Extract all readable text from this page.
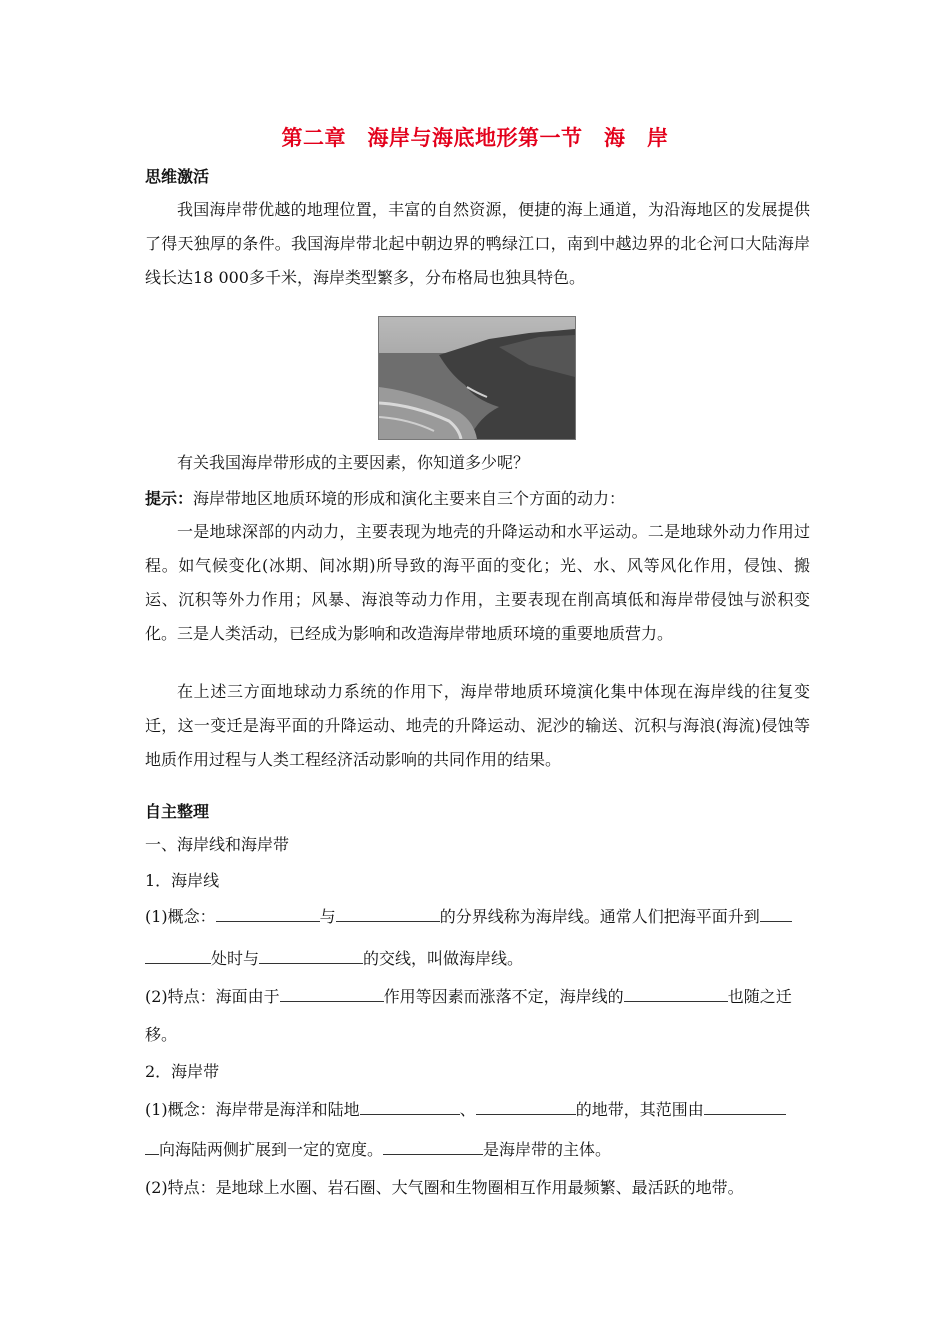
第二章　海岸与海底地形第一节　海　岸
思维激活
我国海岸带优越的地理位置，丰富的自然资源，便捷的海上通道，为沿海地区的发展提供了得天独厚的条件。我国海岸带北起中朝边界的鸭绿江口，南到中越边界的北仑河口大陆海岸线长达18 000多千米，海岸类型繁多，分布格局也独具特色。
有关我国海岸带形成的主要因素，你知道多少呢？
提示：海岸带地区地质环境的形成和演化主要来自三个方面的动力：
一是地球深部的内动力，主要表现为地壳的升降运动和水平运动。二是地球外动力作用过程。如气候变化(冰期、间冰期)所导致的海平面的变化；光、水、风等风化作用，侵蚀、搬运、沉积等外力作用；风暴、海浪等动力作用，主要表现在削高填低和海岸带侵蚀与淤积变化。三是人类活动，已经成为影响和改造海岸带地质环境的重要地质营力。
在上述三方面地球动力系统的作用下，海岸带地质环境演化集中体现在海岸线的往复变迁，这一变迁是海平面的升降运动、地壳的升降运动、泥沙的输送、沉积与海浪(海流)侵蚀等地质作用过程与人类工程经济活动影响的共同作用的结果。
自主整理
一、海岸线和海岸带
1．海岸线
(1)概念：	与	的分界线称为海岸线。通常人们把海平面升到
处时与	的交线，叫做海岸线。
(2)特点：海面由于	作用等因素而涨落不定，海岸线的	也随之迁
移。
2．海岸带
(1)概念：海岸带是海洋和陆地	、	的地带，其范围由
向海陆两侧扩展到一定的宽度。	是海岸带的主体。
(2)特点：是地球上水圈、岩石圈、大气圈和生物圈相互作用最频繁、最活跃的地带。
